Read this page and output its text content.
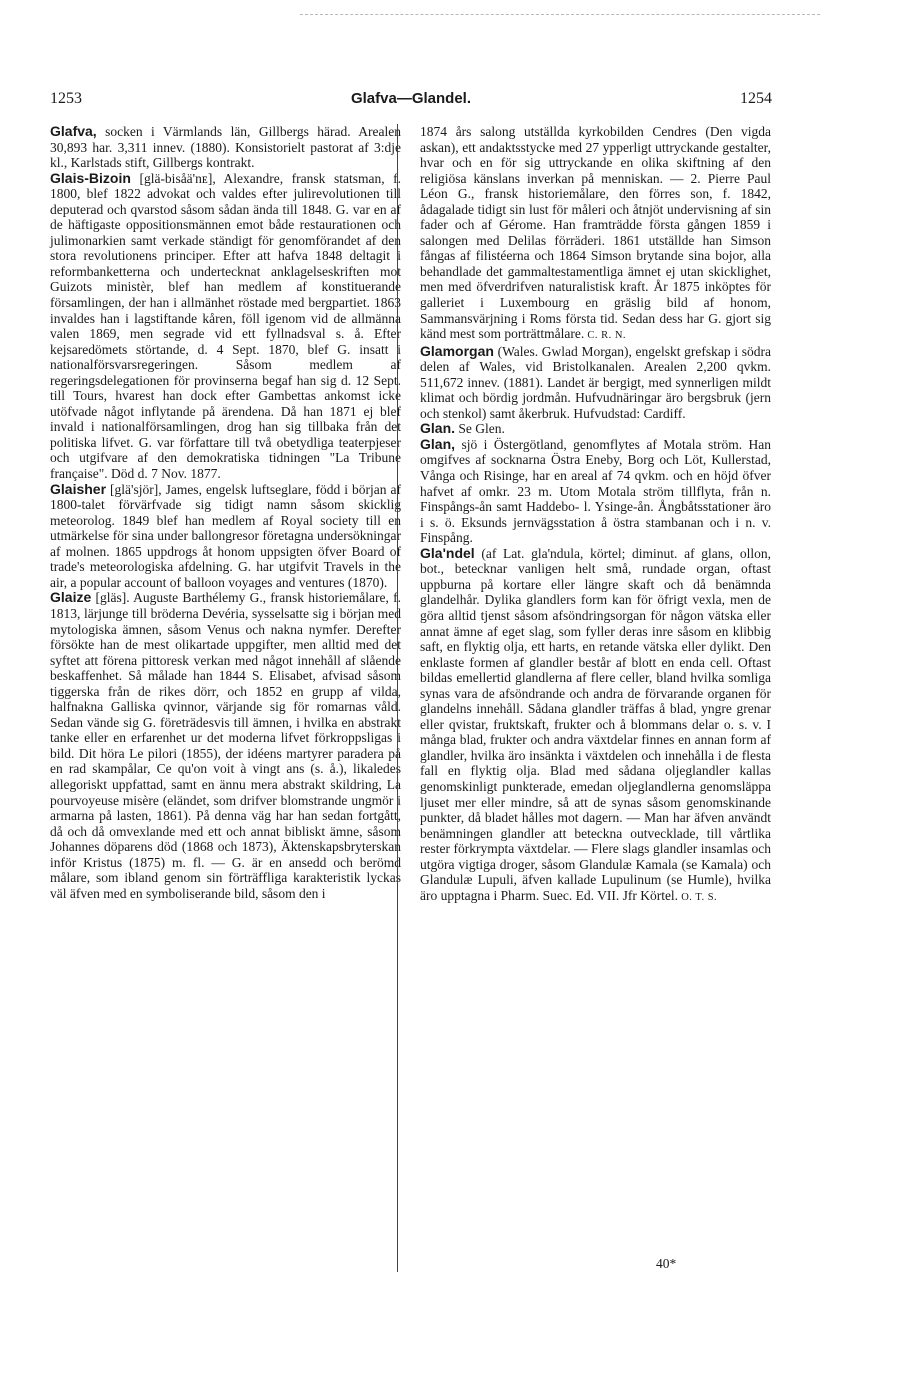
1253	Glafva—Glandel.	1254

Glafva, socken i Värmlands län, Gillbergs härad. Arealen 30,893 har. 3,311 innev. (1880). Konsistorielt pastorat af 3:dje kl., Karlstads stift, Gillbergs kontrakt.

Glais-Bizoin [glä-bisåä'nᴇ], Alexandre, fransk statsman, f. 1800, blef 1822 advokat och valdes efter julirevolutionen till deputerad och qvarstod såsom sådan ända till 1848. G. var en af de häftigaste oppositionsmännen emot både restaurationen och julimonarkien samt verkade ständigt för genomförandet af den stora revolutionens principer. Efter att hafva 1848 deltagit i reformbanketterna och undertecknat anklagelseskriften mot Guizots ministèr, blef han medlem af konstituerande församlingen, der han i allmänhet röstade med bergpartiet. 1863 invaldes han i lagstiftande kåren, föll igenom vid de allmänna valen 1869, men segrade vid ett fyllnadsval s. å. Efter kejsaredömets störtande, d. 4 Sept. 1870, blef G. insatt i nationalförsvarsregeringen. Såsom medlem af regeringsdelegationen för provinserna begaf han sig d. 12 Sept. till Tours, hvarest han dock efter Gambettas ankomst icke utöfvade något inflytande på ärendena. Då han 1871 ej blef invald i nationalförsamlingen, drog han sig tillbaka från det politiska lifvet. G. var författare till två obetydliga teaterpjeser och utgifvare af den demokratiska tidningen "La Tribune française". Död d. 7 Nov. 1877.

Glaisher [glä'sjör], James, engelsk luftseglare, född i början af 1800-talet förvärfvade sig tidigt namn såsom skicklig meteorolog. 1849 blef han medlem af Royal society till en utmärkelse för sina under ballongresor företagna undersökningar af molnen. 1865 uppdrogs åt honom uppsigten öfver Board of trade's meteorologiska afdelning. G. har utgifvit Travels in the air, a popular account of balloon voyages and ventures (1870).

Glaize [gläs]. Auguste Barthélemy G., fransk historiemålare, f. 1813, lärjunge till bröderna Devéria, sysselsatte sig i början med mytologiska ämnen, såsom Venus och nakna nymfer. Derefter försökte han de mest olikartade uppgifter, men alltid med det syftet att förena pittoresk verkan med något innehåll af slående beskaffenhet. Så målade han 1844 S. Elisabet, afvisad såsom tiggerska från de rikes dörr, och 1852 en grupp af vilda, halfnakna Galliska qvinnor, värjande sig för romarnas våld. Sedan vände sig G. företrädesvis till ämnen, i hvilka en abstrakt tanke eller en erfarenhet ur det moderna lifvet förkroppsligas i bild. Dit höra Le pilori (1855), der idéens martyrer paradera på en rad skampålar, Ce qu'on voit à vingt ans (s. å.), likaledes allegoriskt uppfattad, samt en ännu mera abstrakt skildring, La pourvoyeuse misère (eländet, som drifver blomstrande ungmör i armarna på lasten, 1861). På denna väg har han sedan fortgått, då och då omvexlande med ett och annat bibliskt ämne, såsom Johannes döparens död (1868 och 1873), Äktenskapsbryterskan inför Kristus (1875) m. fl. — G. är en ansedd och berömd målare, som ibland genom sin förträffliga karakteristik lyckas väl äfven med en symboliserande bild, såsom den i

1874 års salong utställda kyrkobilden Cendres (Den vigda askan), ett andaktsstycke med 27 ypperligt uttryckande gestalter, hvar och en för sig uttryckande en olika skiftning af den religiösa känslans inverkan på menniskan. — 2. Pierre Paul Léon G., fransk historiemålare, den förres son, f. 1842, ådagalade tidigt sin lust för måleri och åtnjöt undervisning af sin fader och af Gérome. Han framträdde första gången 1859 i salongen med Delilas förräderi. 1861 utställde han Simson fångas af filistéerna och 1864 Simson brytande sina bojor, alla behandlade det gammaltestamentliga ämnet ej utan skicklighet, men med öfverdrifven naturalistisk kraft. År 1875 inköptes för galleriet i Luxembourg en gräslig bild af honom, Sammansvärjning i Roms första tid. Sedan dess har G. gjort sig känd mest som porträttmålare. C. R. N.

Glamorgan (Wales. Gwlad Morgan), engelskt grefskap i södra delen af Wales, vid Bristolkanalen. Arealen 2,200 qvkm. 511,672 innev. (1881). Landet är bergigt, med synnerligen mildt klimat och bördig jordmån. Hufvudnäringar äro bergsbruk (jern och stenkol) samt åkerbruk. Hufvudstad: Cardiff.

Glan. Se Glen.

Glan, sjö i Östergötland, genomflytes af Motala ström. Han omgifves af socknarna Östra Eneby, Borg och Löt, Kullerstad, Vånga och Risinge, har en areal af 74 qvkm. och en höjd öfver hafvet af omkr. 23 m. Utom Motala ström tillflyta, från n. Finspångs-ån samt Haddebo- l. Ysinge-ån. Ångbåtsstationer äro i s. ö. Eksunds jernvägsstation å östra stambanan och i n. v. Finspång.

Gla'ndel (af Lat. gla'ndula, körtel; diminut. af glans, ollon, bot., betecknar vanligen helt små, rundade organ, oftast uppburna på kortare eller längre skaft och då benämnda glandelhår. Dylika glandlers form kan för öfrigt vexla, men de göra alltid tjenst såsom afsöndringsorgan för någon vätska eller annat ämne af eget slag, som fyller deras inre såsom en klibbig saft, en flyktig olja, ett harts, en retande vätska eller dylikt. Den enklaste formen af glandler består af blott en enda cell. Oftast bildas emellertid glandlerna af flere celler, bland hvilka somliga synas vara de afsöndrande och andra de förvarande organen för glandelns innehåll. Sådana glandler träffas å blad, yngre grenar eller qvistar, fruktskaft, frukter och å blommans delar o. s. v. I många blad, frukter och andra växtdelar finnes en annan form af glandler, hvilka äro insänkta i växtdelen och innehålla i de flesta fall en flyktig olja. Blad med sådana oljeglandler kallas genomskinligt punkterade, emedan oljeglandlerna genomsläppa ljuset mer eller mindre, så att de synas såsom genomskinande punkter, då bladet hålles mot dagern. — Man har äfven användt benämningen glandler att beteckna outvecklade, till vårtlika rester förkrympta växtdelar. — Flere slags glandler insamlas och utgöra vigtiga droger, såsom Glandulæ Kamala (se Kamala) och Glandulæ Lupuli, äfven kallade Lupulinum (se Humle), hvilka äro upptagna i Pharm. Suec. Ed. VII. Jfr Körtel. O. T. S.

40*
